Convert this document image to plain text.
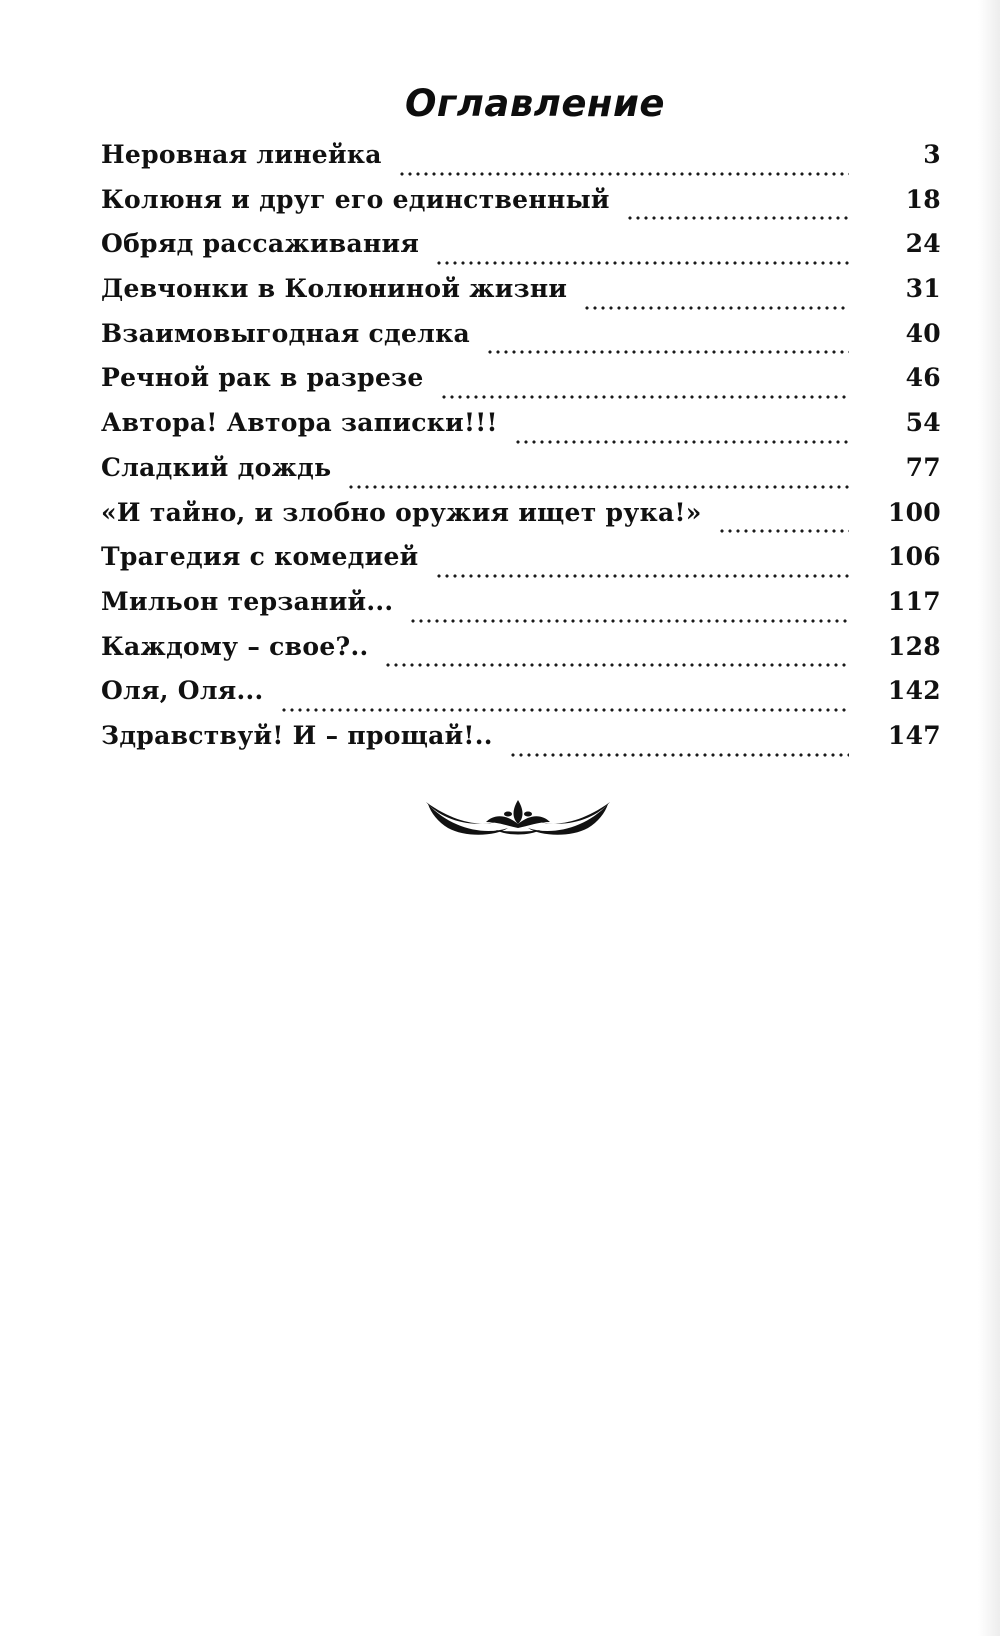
Оглавление
Неровная линейка	3
Колюня и друг его единственный	18
Обряд рассаживания	24
Девчонки в Колюниной жизни	31
Взаимовыгодная сделка	40
Речной рак в разрезе	46
Автора! Автора записки!!!	54
Сладкий дождь	77
«И тайно, и злобно оружия ищет рука!»	100
Трагедия с комедией	106
Мильон терзаний...	117
Каждому – свое?..	128
Оля, Оля...	142
Здравствуй! И – прощай!..	147
